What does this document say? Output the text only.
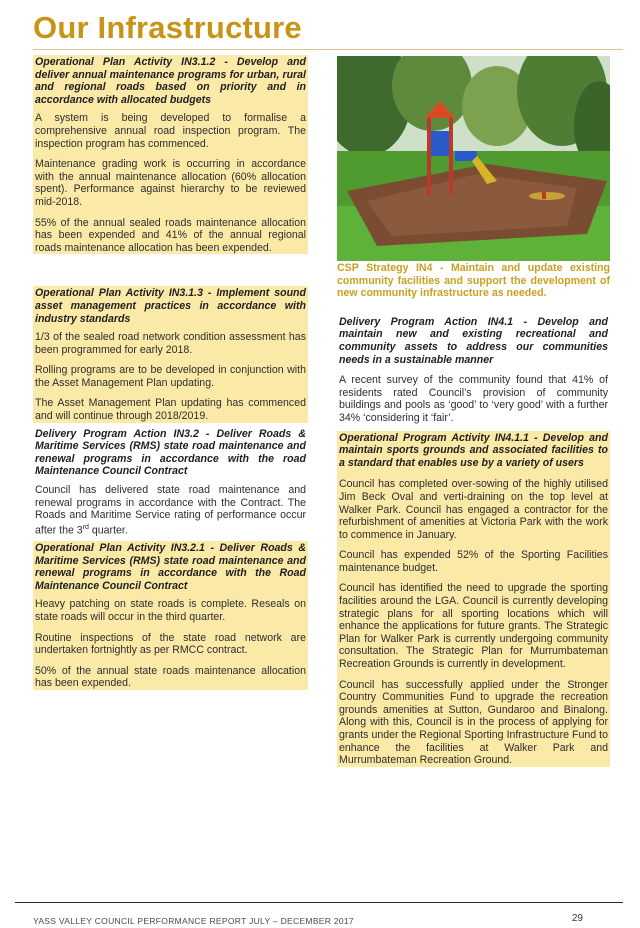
Our Infrastructure
Operational Plan Activity IN3.1.2 - Develop and deliver annual maintenance programs for urban, rural and regional roads based on priority and in accordance with allocated budgets
A system is being developed to formalise a comprehensive annual road inspection program. The inspection program has commenced.
Maintenance grading work is occurring in accordance with the annual maintenance allocation (60% allocation spent). Performance against hierarchy to be reviewed mid-2018.
55% of the annual sealed roads maintenance allocation has been expended and 41% of the annual regional roads maintenance allocation has been expended.
Operational Plan Activity IN3.1.3 - Implement sound asset management practices in accordance with industry standards
1/3 of the sealed road network condition assessment has been programmed for early 2018.
Rolling programs are to be developed in conjunction with the Asset Management Plan updating.
The Asset Management Plan updating has commenced and will continue through 2018/2019.
Delivery Program Action IN3.2 - Deliver Roads & Maritime Services (RMS) state road maintenance and renewal programs in accordance with the road Maintenance Council Contract
Council has delivered state road maintenance and renewal programs in accordance with the Contract. The Roads and Maritime Service rating of performance occur after the 3rd quarter.
Operational Plan Activity IN3.2.1 - Deliver Roads & Maritime Services (RMS) state road maintenance and renewal programs in accordance with the Road Maintenance Council Contract
Heavy patching on state roads is complete. Reseals on state roads will occur in the third quarter.
Routine inspections of the state road network are undertaken fortnightly as per RMCC contract.
50% of the annual state roads maintenance allocation has been expended.
CSP Strategy IN4 - Maintain and update existing community facilities and support the development of new community infrastructure as needed.
Delivery Program Action IN4.1 - Develop and maintain new and existing recreational and community assets to address our communities needs in a sustainable manner
A recent survey of the community found that 41% of residents rated Council’s provision of community buildings and pools as ‘good’ to ‘very good’ with a further 34% ‘considering it ‘fair’.
Operational Program Activity IN4.1.1 - Develop and maintain sports grounds and associated facilities to a standard that enables use by a variety of users
Council has completed over-sowing of the highly utilised Jim Beck Oval and verti-draining on the top level at Walker Park. Council has engaged a contractor for the refurbishment of amenities at Victoria Park with the work to commence in January.
Council has expended 52% of the Sporting Facilities maintenance budget.
Council has identified the need to upgrade the sporting facilities around the LGA. Council is currently developing strategic plans for all sporting locations which will enhance the applications for future grants. The Strategic Plan for Walker Park is currently undergoing community consultation. The Strategic Plan for Murrumbateman Recreation Grounds is currently in development.
Council has successfully applied under the Stronger Country Communities Fund to upgrade the recreation grounds amenities at Sutton, Gundaroo and Binalong. Along with this, Council is in the process of applying for grants under the Regional Sporting Infrastructure Fund to enhance the facilities at Walker Park and Murrumbateman Recreation Ground.
YASS VALLEY COUNCIL PERFORMANCE REPORT JULY – DECEMBER 2017	29
